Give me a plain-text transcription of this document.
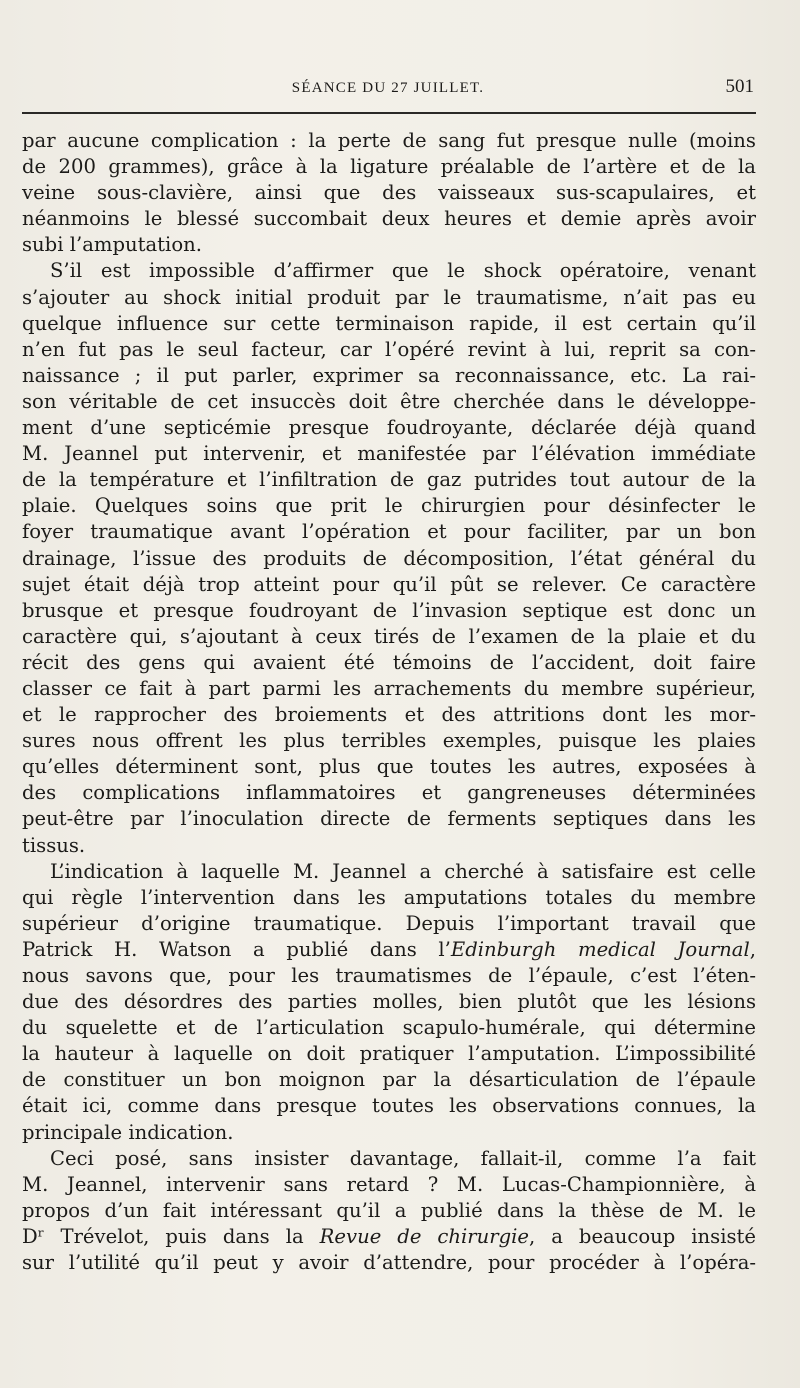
SÉANCE DU 27 JUILLET.	501

par aucune complication : la perte de sang fut presque nulle (moins
de 200 grammes), grâce à la ligature préalable de l’artère et de la
veine sous-clavière, ainsi que des vaisseaux sus-scapulaires, et
néanmoins le blessé succombait deux heures et demie après avoir
subi l’amputation.

S’il est impossible d’affirmer que le shock opératoire, venant
s’ajouter au shock initial produit par le traumatisme, n’ait pas eu
quelque influence sur cette terminaison rapide, il est certain qu’il
n’en fut pas le seul facteur, car l’opéré revint à lui, reprit sa con-
naissance ; il put parler, exprimer sa reconnaissance, etc. La rai-
son véritable de cet insuccès doit être cherchée dans le développe-
ment d’une septicémie presque foudroyante, déclarée déjà quand
M. Jeannel put intervenir, et manifestée par l’élévation immédiate
de la température et l’infiltration de gaz putrides tout autour de la
plaie. Quelques soins que prit le chirurgien pour désinfecter le
foyer traumatique avant l’opération et pour faciliter, par un bon
drainage, l’issue des produits de décomposition, l’état général du
sujet était déjà trop atteint pour qu’il pût se relever. Ce caractère
brusque et presque foudroyant de l’invasion septique est donc un
caractère qui, s’ajoutant à ceux tirés de l’examen de la plaie et du
récit des gens qui avaient été témoins de l’accident, doit faire
classer ce fait à part parmi les arrachements du membre supérieur,
et le rapprocher des broiements et des attritions dont les mor-
sures nous offrent les plus terribles exemples, puisque les plaies
qu’elles déterminent sont, plus que toutes les autres, exposées à
des complications inflammatoires et gangreneuses déterminées
peut-être par l’inoculation directe de ferments septiques dans les
tissus.

L’indication à laquelle M. Jeannel a cherché à satisfaire est celle
qui règle l’intervention dans les amputations totales du membre
supérieur d’origine traumatique. Depuis l’important travail que
Patrick H. Watson a publié dans l’Edinburgh medical Journal,
nous savons que, pour les traumatismes de l’épaule, c’est l’éten-
due des désordres des parties molles, bien plutôt que les lésions
du squelette et de l’articulation scapulo-humérale, qui détermine
la hauteur à laquelle on doit pratiquer l’amputation. L’impossibilité
de constituer un bon moignon par la désarticulation de l’épaule
était ici, comme dans presque toutes les observations connues, la
principale indication.

Ceci posé, sans insister davantage, fallait-il, comme l’a fait
M. Jeannel, intervenir sans retard ? M. Lucas-Championnière, à
propos d’un fait intéressant qu’il a publié dans la thèse de M. le
Dʳ Trévelot, puis dans la Revue de chirurgie, a beaucoup insisté
sur l’utilité qu’il peut y avoir d’attendre, pour procéder à l’opéra-
